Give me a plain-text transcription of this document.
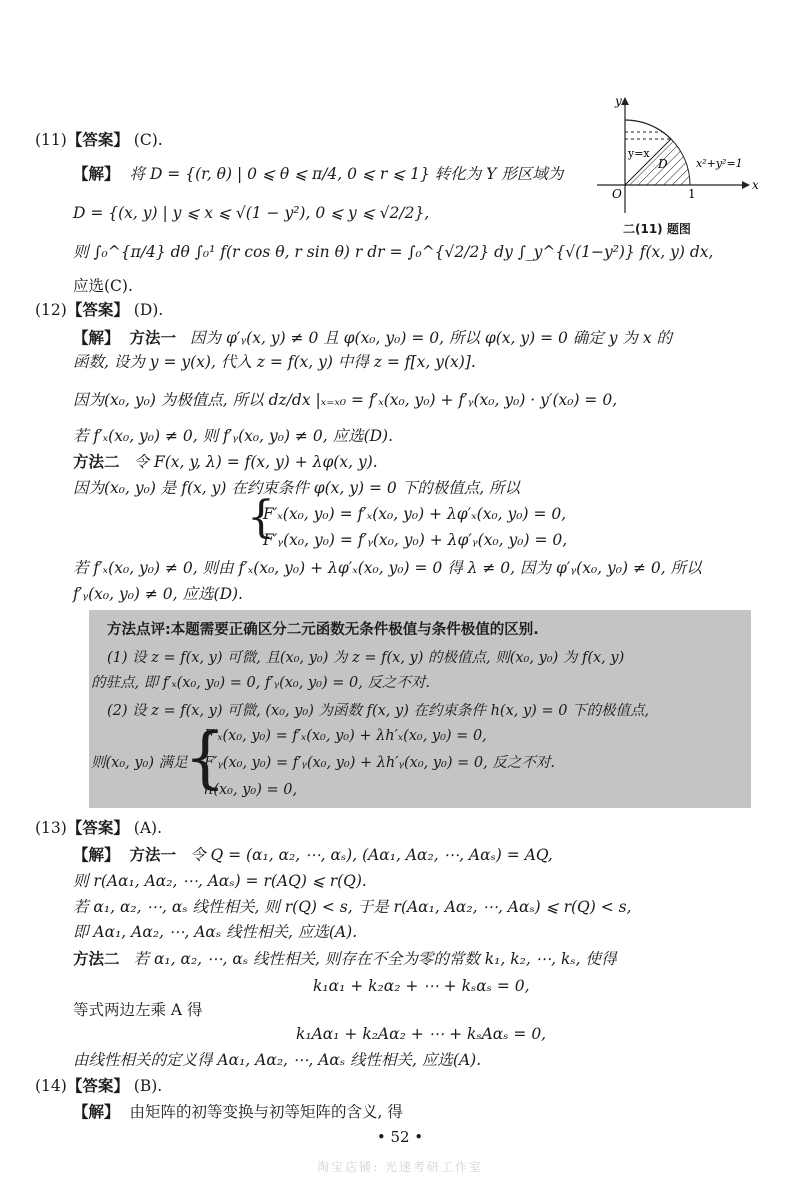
(11)【答案】 (C).
【解】 将 D = {(r, θ) | 0 ⩽ θ ⩽ π/4, 0 ⩽ r ⩽ 1} 转化为 Y 形区域为
D = {(x, y) | y ⩽ x ⩽ √(1 − y²), 0 ⩽ y ⩽ √2/2},
则 ∫₀^{π/4} dθ ∫₀¹ f(r cos θ, r sin θ) r dr = ∫₀^{√2/2} dy ∫_y^{√(1−y²)} f(x, y) dx,
应选(C).
y
x
O	1
y=x
D	x²+y²=1
二(11) 题图
(12)【答案】 (D).
【解】 方法一 因为 φ′ᵧ(x, y) ≠ 0 且 φ(x₀, y₀) = 0, 所以 φ(x, y) = 0 确定 y 为 x 的
函数, 设为 y = y(x), 代入 z = f(x, y) 中得 z = f[x, y(x)].
因为(x₀, y₀) 为极值点, 所以 dz/dx |ₓ₌ₓ₀ = f′ₓ(x₀, y₀) + f′ᵧ(x₀, y₀) · y′(x₀) = 0,
若 f′ₓ(x₀, y₀) ≠ 0, 则 f′ᵧ(x₀, y₀) ≠ 0, 应选(D).
方法二 令 F(x, y, λ) = f(x, y) + λφ(x, y).
因为(x₀, y₀) 是 f(x, y) 在约束条件 φ(x, y) = 0 下的极值点, 所以
{
F′ₓ(x₀, y₀) = f′ₓ(x₀, y₀) + λφ′ₓ(x₀, y₀) = 0,
F′ᵧ(x₀, y₀) = f′ᵧ(x₀, y₀) + λφ′ᵧ(x₀, y₀) = 0,
若 f′ₓ(x₀, y₀) ≠ 0, 则由 f′ₓ(x₀, y₀) + λφ′ₓ(x₀, y₀) = 0 得 λ ≠ 0, 因为 φ′ᵧ(x₀, y₀) ≠ 0, 所以
f′ᵧ(x₀, y₀) ≠ 0, 应选(D).
方法点评:本题需要正确区分二元函数无条件极值与条件极值的区别.
(1) 设 z = f(x, y) 可微, 且(x₀, y₀) 为 z = f(x, y) 的极值点, 则(x₀, y₀) 为 f(x, y)
的驻点, 即 f′ₓ(x₀, y₀) = 0, f′ᵧ(x₀, y₀) = 0, 反之不对.
(2) 设 z = f(x, y) 可微, (x₀, y₀) 为函数 f(x, y) 在约束条件 h(x, y) = 0 下的极值点,
则(x₀, y₀) 满足
{
F′ₓ(x₀, y₀) = f′ₓ(x₀, y₀) + λh′ₓ(x₀, y₀) = 0,
F′ᵧ(x₀, y₀) = f′ᵧ(x₀, y₀) + λh′ᵧ(x₀, y₀) = 0, 反之不对.
h(x₀, y₀) = 0,
(13)【答案】 (A).
【解】 方法一 令 Q = (α₁, α₂, ⋯, αₛ), (Aα₁, Aα₂, ⋯, Aαₛ) = AQ,
则 r(Aα₁, Aα₂, ⋯, Aαₛ) = r(AQ) ⩽ r(Q).
若 α₁, α₂, ⋯, αₛ 线性相关, 则 r(Q) < s, 于是 r(Aα₁, Aα₂, ⋯, Aαₛ) ⩽ r(Q) < s,
即 Aα₁, Aα₂, ⋯, Aαₛ 线性相关, 应选(A).
方法二 若 α₁, α₂, ⋯, αₛ 线性相关, 则存在不全为零的常数 k₁, k₂, ⋯, kₛ, 使得
k₁α₁ + k₂α₂ + ⋯ + kₛαₛ = 0,
等式两边左乘 A 得
k₁Aα₁ + k₂Aα₂ + ⋯ + kₛAαₛ = 0,
由线性相关的定义得 Aα₁, Aα₂, ⋯, Aαₛ 线性相关, 应选(A).
(14)【答案】 (B).
【解】 由矩阵的初等变换与初等矩阵的含义, 得
• 52 •
淘宝店铺: 光速考研工作室
